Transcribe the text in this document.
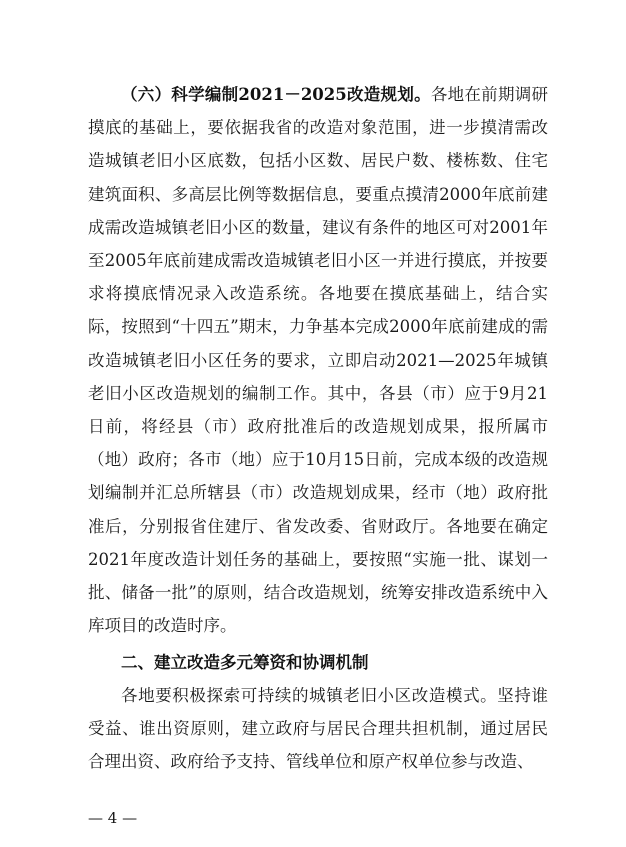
（六）科学编制2021－2025改造规划。各地在前期调研摸底的基础上，要依据我省的改造对象范围，进一步摸清需改造城镇老旧小区底数，包括小区数、居民户数、楼栋数、住宅建筑面积、多高层比例等数据信息，要重点摸清2000年底前建成需改造城镇老旧小区的数量，建议有条件的地区可对2001年至2005年底前建成需改造城镇老旧小区一并进行摸底，并按要求将摸底情况录入改造系统。各地要在摸底基础上，结合实际，按照到“十四五”期末，力争基本完成2000年底前建成的需改造城镇老旧小区任务的要求，立即启动2021—2025年城镇老旧小区改造规划的编制工作。其中，各县（市）应于9月21日前，将经县（市）政府批准后的改造规划成果，报所属市（地）政府；各市（地）应于10月15日前，完成本级的改造规划编制并汇总所辖县（市）改造规划成果，经市（地）政府批准后，分别报省住建厅、省发改委、省财政厅。各地要在确定2021年度改造计划任务的基础上，要按照“实施一批、谋划一批、储备一批”的原则，结合改造规划，统筹安排改造系统中入库项目的改造时序。

二、建立改造多元筹资和协调机制

各地要积极探索可持续的城镇老旧小区改造模式。坚持谁受益、谁出资原则，建立政府与居民合理共担机制，通过居民合理出资、政府给予支持、管线单位和原产权单位参与改造、

— 4 —
